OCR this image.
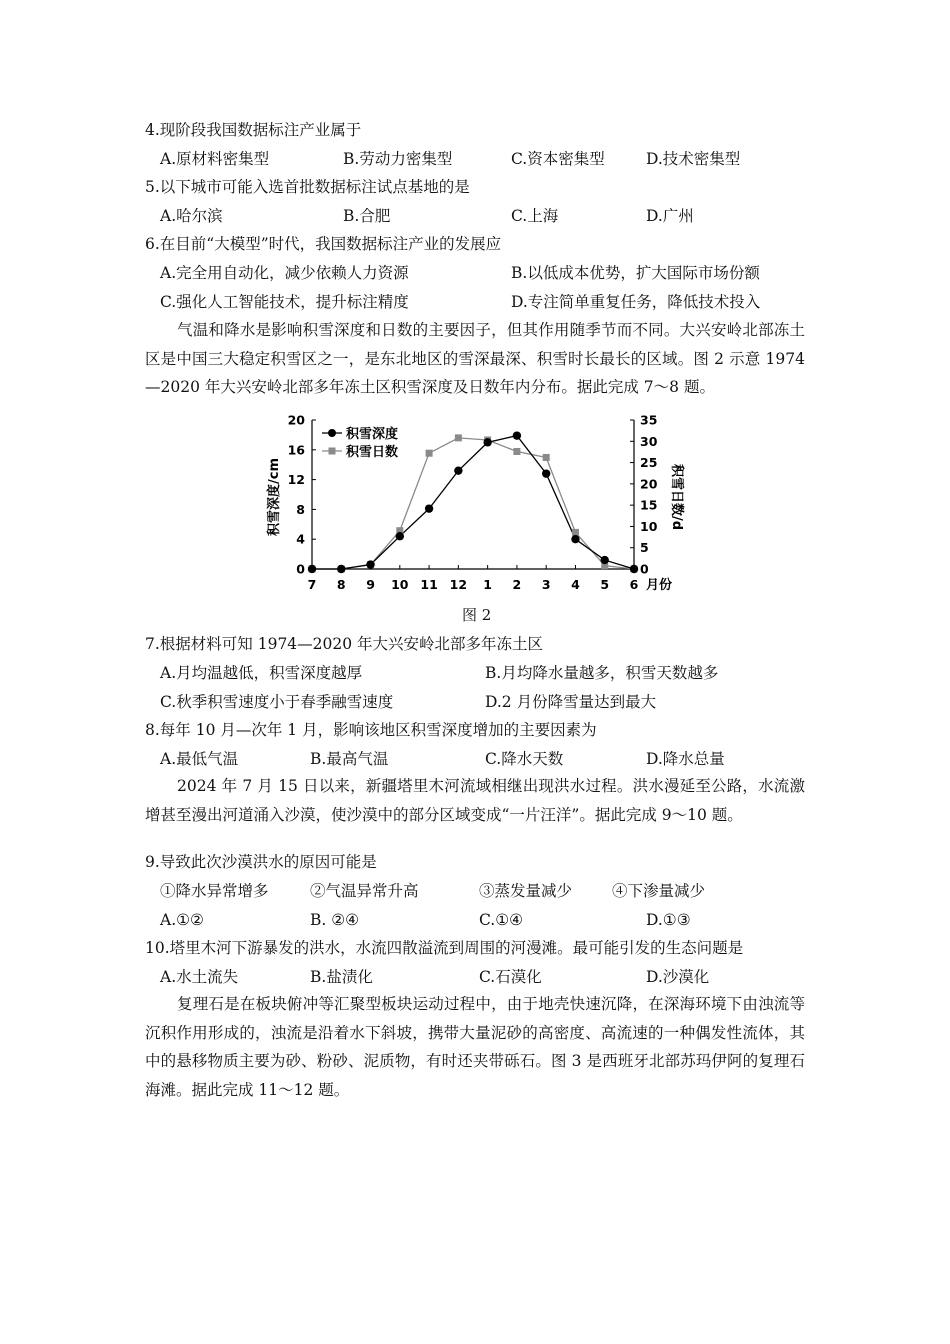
4.现阶段我国数据标注产业属于
A.原材料密集型	B.劳动力密集型	C.资本密集型	D.技术密集型
5.以下城市可能入选首批数据标注试点基地的是
A.哈尔滨	B.合肥	C.上海	D.广州
6.在目前“大模型”时代，我国数据标注产业的发展应
A.完全用自动化，减少依赖人力资源	B.以低成本优势，扩大国际市场份额
C.强化人工智能技术，提升标注精度	D.专注简单重复任务，降低技术投入
气温和降水是影响积雪深度和日数的主要因子，但其作用随季节而不同。大兴安岭北部冻土区是中国三大稳定积雪区之一，是东北地区的雪深最深、积雪时长最长的区域。图 2 示意 1974—2020 年大兴安岭北部多年冻土区积雪深度及日数年内分布。据此完成 7～8 题。
0
4
8
12
16
20
0
5
10
15
20
25
30
35
7 8 9 10 11 12 1 2 3 4 5 6
积雪深度/cm	积雪日数/d
月份
积雪深度
积雪日数
图 2
7.根据材料可知 1974—2020 年大兴安岭北部多年冻土区
A.月均温越低，积雪深度越厚	B.月均降水量越多，积雪天数越多
C.秋季积雪速度小于春季融雪速度	D.2 月份降雪量达到最大
8.每年 10 月—次年 1 月，影响该地区积雪深度增加的主要因素为
A.最低气温	B.最高气温	C.降水天数	D.降水总量
2024 年 7 月 15 日以来，新疆塔里木河流域相继出现洪水过程。洪水漫延至公路，水流激增甚至漫出河道涌入沙漠，使沙漠中的部分区域变成“一片汪洋”。据此完成 9～10 题。
9.导致此次沙漠洪水的原因可能是
①降水异常增多	②气温异常升高	③蒸发量减少	④下渗量减少
A.①②	B. ②④	C.①④	D.①③
10.塔里木河下游暴发的洪水，水流四散溢流到周围的河漫滩。最可能引发的生态问题是
A.水土流失	B.盐渍化	C.石漠化	D.沙漠化
复理石是在板块俯冲等汇聚型板块运动过程中，由于地壳快速沉降，在深海环境下由浊流等沉积作用形成的，浊流是沿着水下斜坡，携带大量泥砂的高密度、高流速的一种偶发性流体，其中的悬移物质主要为砂、粉砂、泥质物，有时还夹带砾石。图 3 是西班牙北部苏玛伊阿的复理石海滩。据此完成 11～12 题。
